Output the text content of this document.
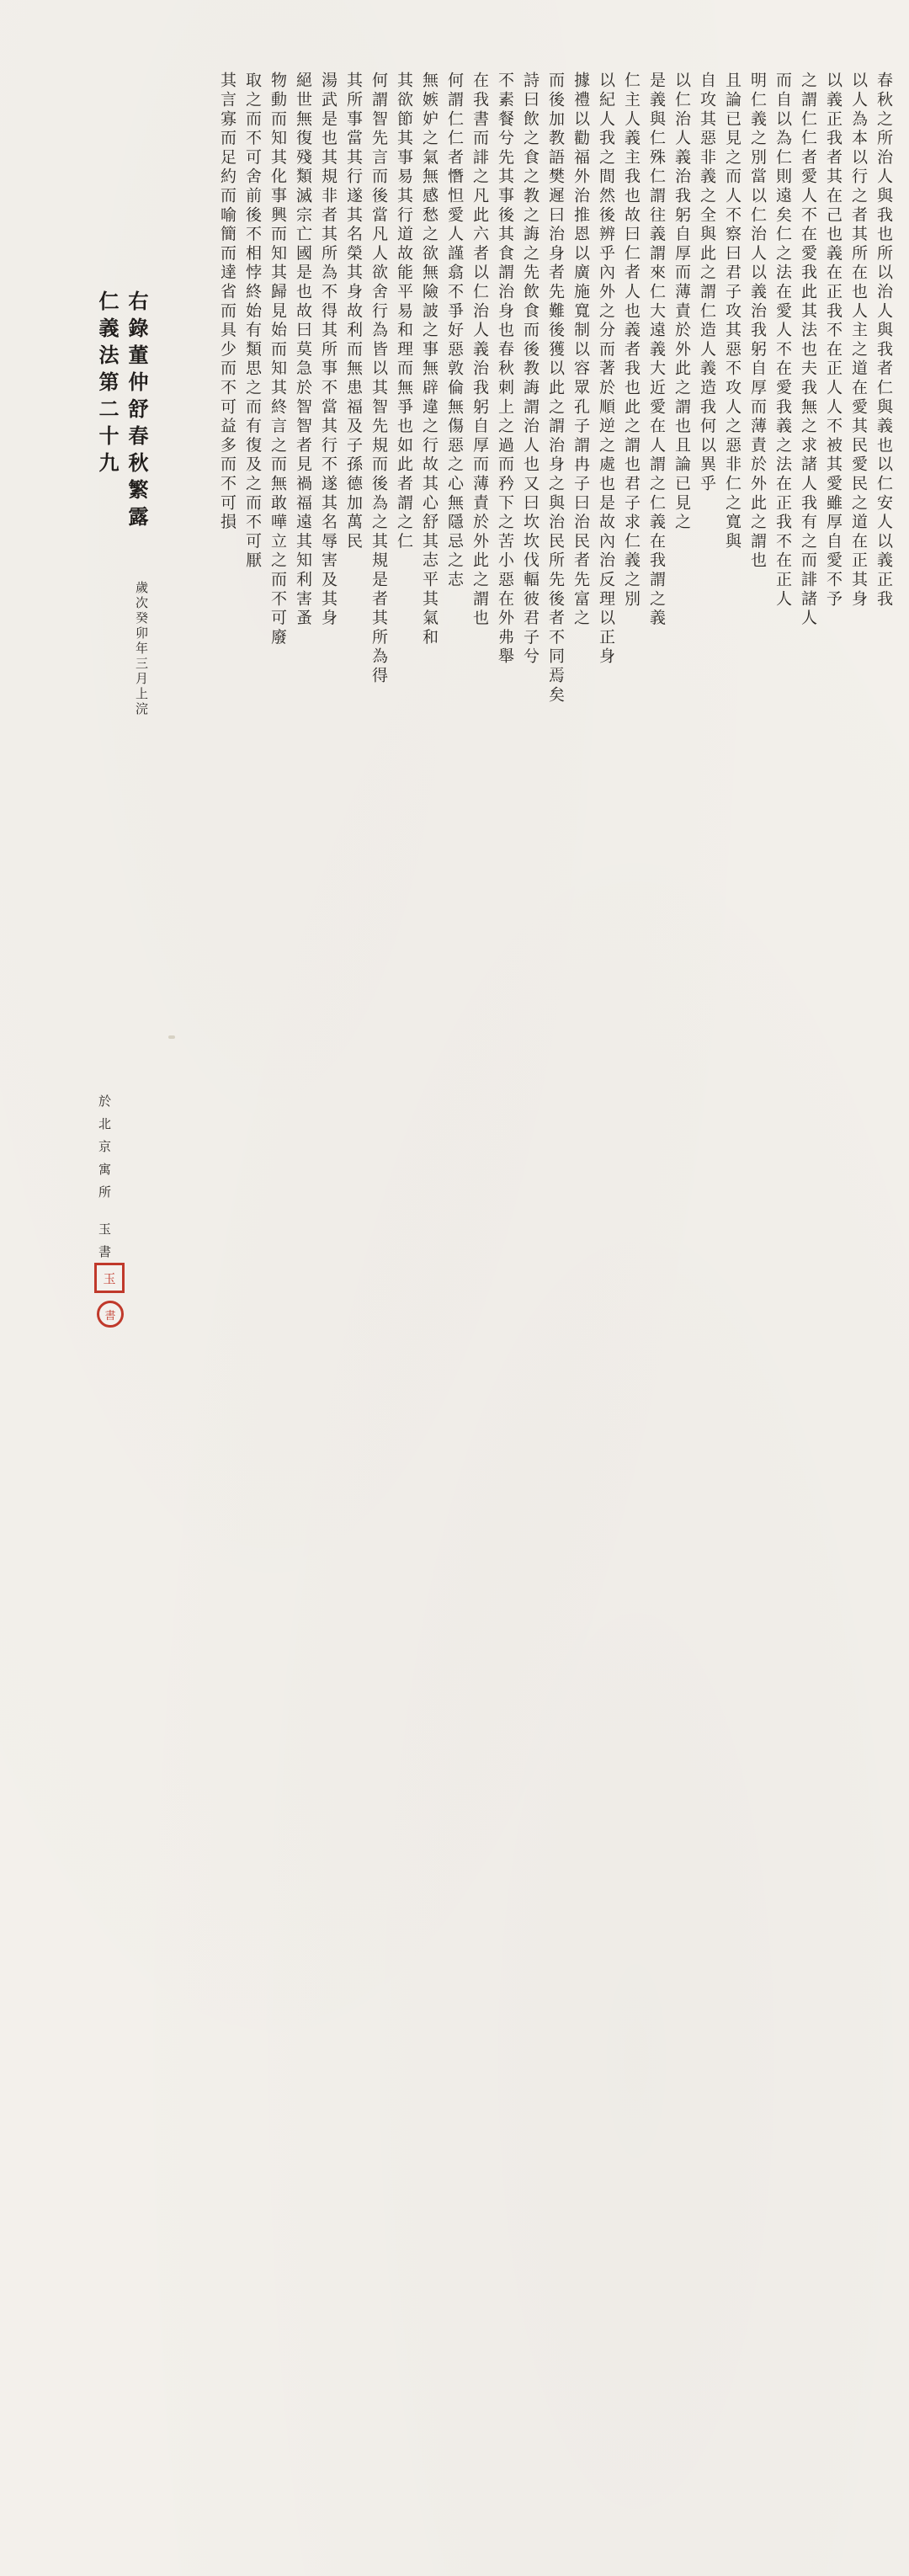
春秋之所治人與我也所以治人與我者仁與義也以仁安人以義正我
以人為本以行之者其所在也人主之道在愛其民愛民之道在正其身
以義正我者其在己也義在正我不在正人人不被其愛雖厚自愛不予
之謂仁仁者愛人不在愛我此其法也夫我無之求諸人我有之而誹諸人
而自以為仁則遠矣仁之法在愛人不在愛我義之法在正我不在正人
明仁義之別當以仁治人以義治我躬自厚而薄責於外此之謂也
且論已見之而人不察曰君子攻其惡不攻人之惡非仁之寬與
自攻其惡非義之全與此之謂仁造人義造我何以異乎
以仁治人義治我躬自厚而薄責於外此之謂也且論已見之
是義與仁殊仁謂往義謂來仁大遠義大近愛在人謂之仁義在我謂之義
仁主人義主我也故曰仁者人也義者我也此之謂也君子求仁義之別
以紀人我之間然後辨乎內外之分而著於順逆之處也是故內治反理以正身
據禮以勸福外治推恩以廣施寬制以容眾孔子謂冉子曰治民者先富之
而後加教語樊遲曰治身者先難後獲以此之謂治身之與治民所先後者不同焉矣
詩曰飲之食之教之誨之先飲食而後教誨謂治人也又曰坎坎伐輻彼君子兮
不素餐兮先其事後其食謂治身也春秋刺上之過而矜下之苦小惡在外弗舉
在我書而誹之凡此六者以仁治人義治我躬自厚而薄責於外此之謂也
何謂仁仁者憯怛愛人謹翕不爭好惡敦倫無傷惡之心無隱忌之志
無嫉妒之氣無感愁之欲無險詖之事無辟違之行故其心舒其志平其氣和
其欲節其事易其行道故能平易和理而無爭也如此者謂之仁
何謂智先言而後當凡人欲舍行為皆以其智先規而後為之其規是者其所為得
其所事當其行遂其名榮其身故利而無患福及子孫德加萬民
湯武是也其規非者其所為不得其所事不當其行不遂其名辱害及其身
絕世無復殘類滅宗亡國是也故曰莫急於智智者見禍福遠其知利害蚤
物動而知其化事興而知其歸見始而知其終言之而無敢嘩立之而不可廢
取之而不可舍前後不相悖終始有類思之而有復及之而不可厭
其言寡而足約而喻簡而達省而具少而不可益多而不可損
右錄董仲舒春秋繁露
仁義法第二十九
歲次癸卯年三月上浣
於北京寓所 玉書
玉
書
